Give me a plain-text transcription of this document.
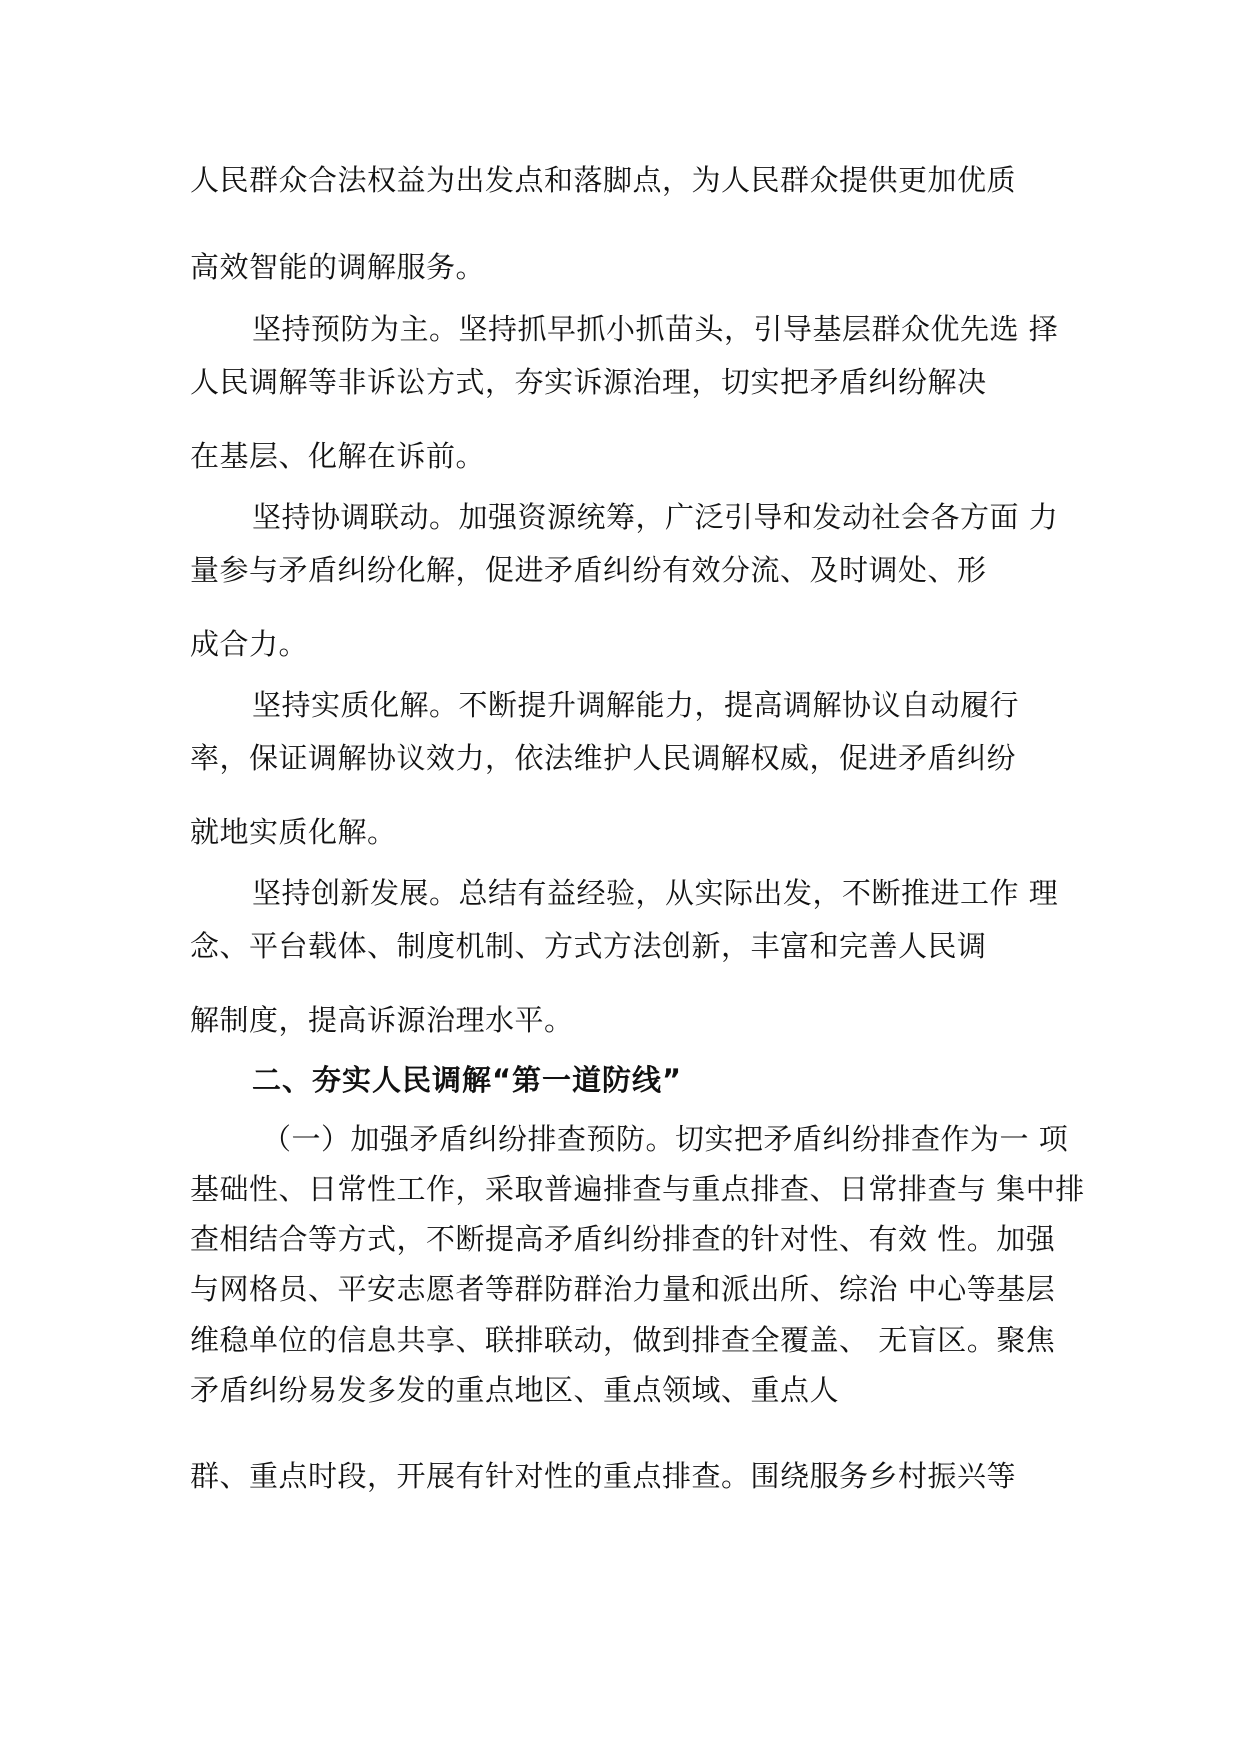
人民群众合法权益为出发点和落脚点，为人民群众提供更加优质
高效智能的调解服务。
坚持预防为主。坚持抓早抓小抓苗头，引导基层群众优先选 择
人民调解等非诉讼方式，夯实诉源治理，切实把矛盾纠纷解决
在基层、化解在诉前。
坚持协调联动。加强资源统筹，广泛引导和发动社会各方面 力
量参与矛盾纠纷化解，促进矛盾纠纷有效分流、及时调处、形
成合力。
坚持实质化解。不断提升调解能力，提高调解协议自动履行
率，保证调解协议效力，依法维护人民调解权威，促进矛盾纠纷
就地实质化解。
坚持创新发展。总结有益经验，从实际出发，不断推进工作 理
念、平台载体、制度机制、方式方法创新，丰富和完善人民调
解制度，提高诉源治理水平。
二、夯实人民调解“第一道防线”
（一）加强矛盾纠纷排查预防。切实把矛盾纠纷排查作为一 项
基础性、日常性工作，采取普遍排查与重点排查、日常排查与 集中排
查相结合等方式，不断提高矛盾纠纷排查的针对性、有效 性。加强
与网格员、平安志愿者等群防群治力量和派出所、综治 中心等基层
维稳单位的信息共享、联排联动，做到排查全覆盖、 无盲区。聚焦
矛盾纠纷易发多发的重点地区、重点领域、重点人
群、重点时段，开展有针对性的重点排查。围绕服务乡村振兴等
